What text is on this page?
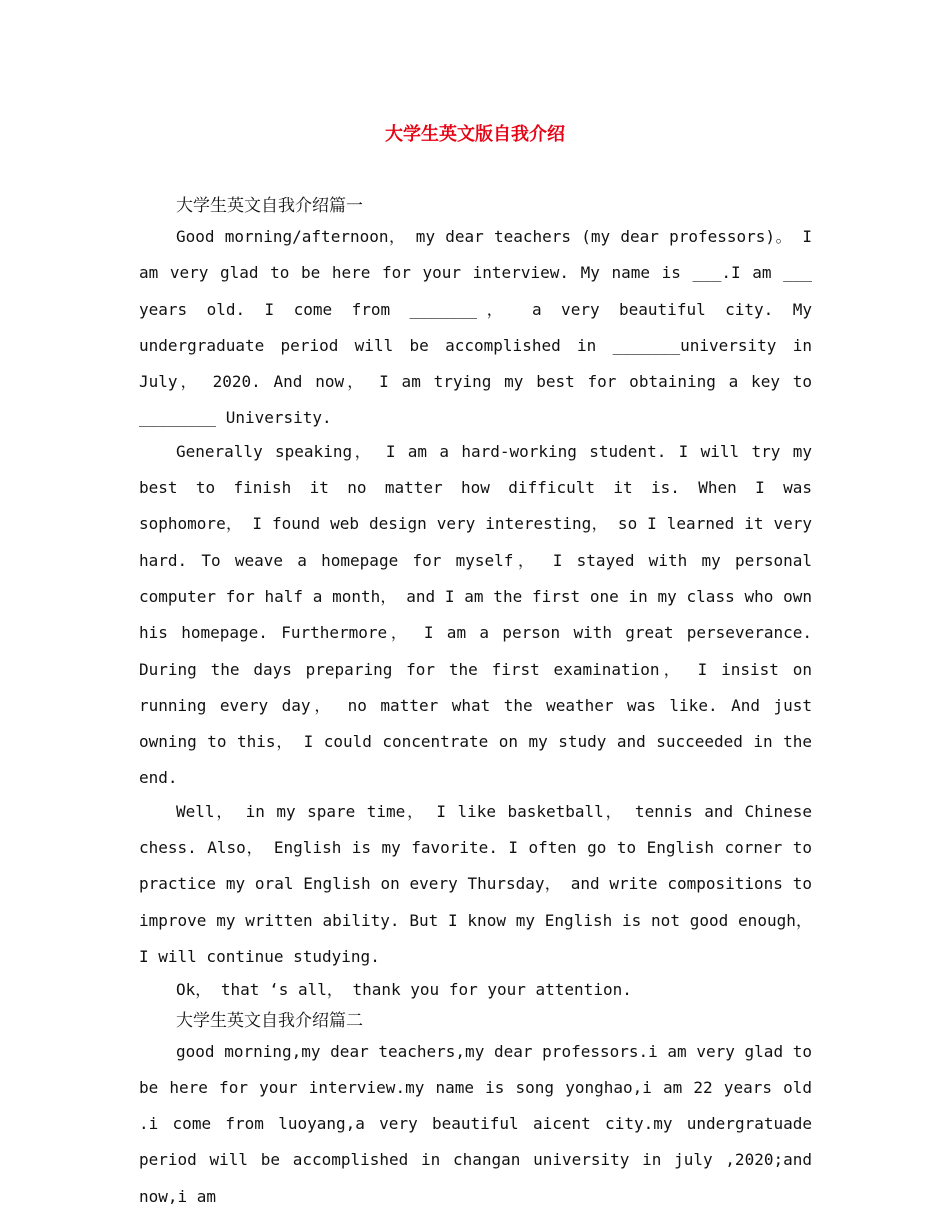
大学生英文版自我介绍
大学生英文自我介绍篇一

Good morning/afternoon， my dear teachers (my dear professors)。 I am very glad to be here for your interview. My name is ___.I am ___ years old. I come from _______， a very beautiful city. My undergraduate period will be accomplished in _______university in July， 2020. And now， I am trying my best for obtaining a key to ________ University.

Generally speaking， I am a hard-working student. I will try my best to finish it no matter how difficult it is. When I was sophomore， I found web design very interesting， so I learned it very hard. To weave a homepage for myself， I stayed with my personal computer for half a month， and I am the first one in my class who own his homepage. Furthermore， I am a person with great perseverance. During the days preparing for the first examination， I insist on running every day， no matter what the weather was like. And just owning to this， I could concentrate on my study and succeeded in the end.

Well， in my spare time， I like basketball， tennis and Chinese chess. Also， English is my favorite. I often go to English corner to practice my oral English on every Thursday， and write compositions to improve my written ability. But I know my English is not good enough， I will continue studying.

Ok， that ‘s all， thank you for your attention.

大学生英文自我介绍篇二

good morning,my dear teachers,my dear professors.i am very glad to be here for your interview.my name is song yonghao,i am 22 years old .i come from luoyang,a very beautiful aicent city.my undergratuade period will be accomplished in changan university in july ,2020;and now,i am
